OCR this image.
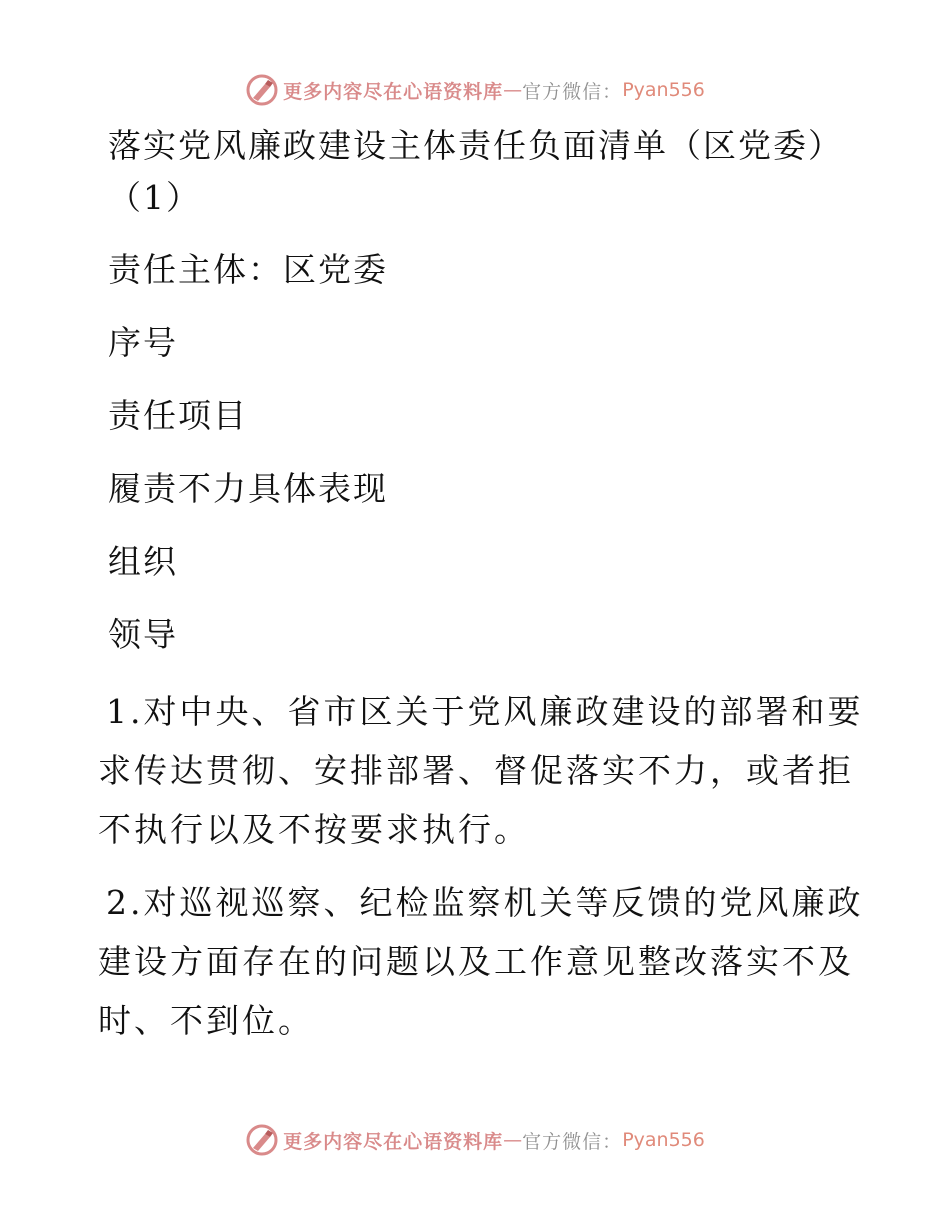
更多内容尽在心语资料库 — 官方微信： Pyan556

落实党风廉政建设主体责任负面清单（区党委）（1）

责任主体：区党委

序号

责任项目

履责不力具体表现

组织

领导

1.对中央、省市区关于党风廉政建设的部署和要求传达贯彻、安排部署、督促落实不力，或者拒不执行以及不按要求执行。

2.对巡视巡察、纪检监察机关等反馈的党风廉政建设方面存在的问题以及工作意见整改落实不及时、不到位。

更多内容尽在心语资料库 — 官方微信： Pyan556
